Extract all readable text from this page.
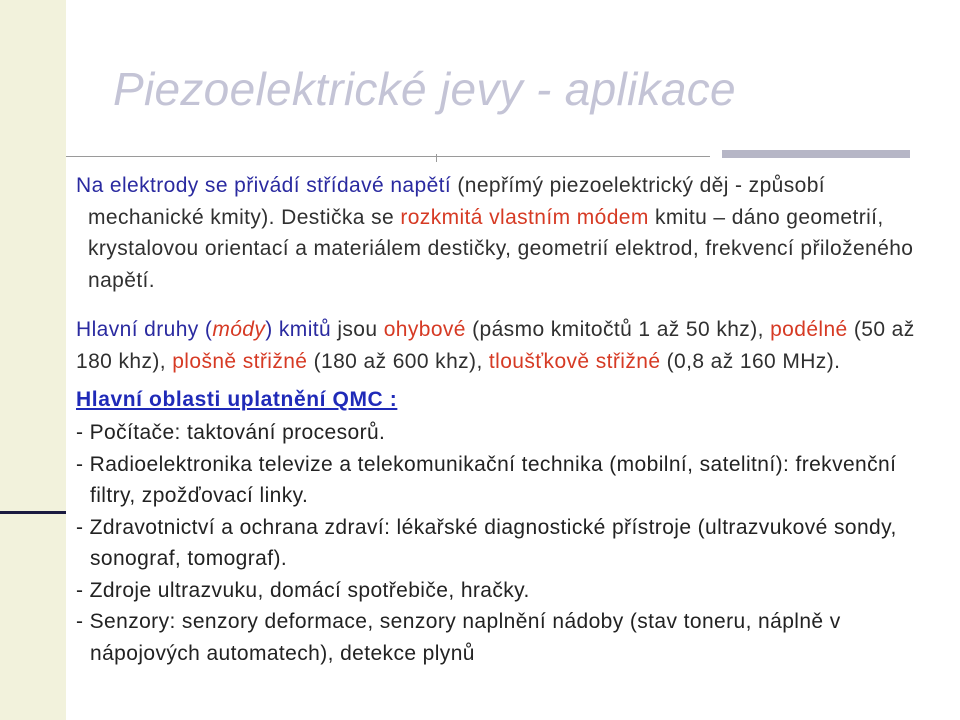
Piezoelektrické jevy - aplikace

Na elektrody se přivádí střídavé napětí (nepřímý piezoelektrický děj - způsobí mechanické kmity). Destička se rozkmitá vlastním módem kmitu – dáno geometrií, krystalovou orientací a materiálem destičky, geometrií elektrod, frekvencí přiloženého napětí.

Hlavní druhy (módy) kmitů jsou ohybové (pásmo kmitočtů 1 až 50 khz), podélné (50 až 180 khz), plošně střižné (180 až 600 khz), tloušťkově střižné (0,8 až 160 MHz).

Hlavní oblasti uplatnění QMC :

- Počítače: taktování procesorů.
- Radioelektronika televize a telekomunikační technika (mobilní, satelitní): frekvenční filtry, zpožďovací linky.
- Zdravotnictví a ochrana zdraví: lékařské diagnostické přístroje (ultrazvukové sondy, sonograf, tomograf).
- Zdroje ultrazvuku, domácí spotřebiče, hračky.
- Senzory: senzory deformace, senzory naplnění nádoby (stav toneru, náplně v nápojových automatech), detekce plynů
